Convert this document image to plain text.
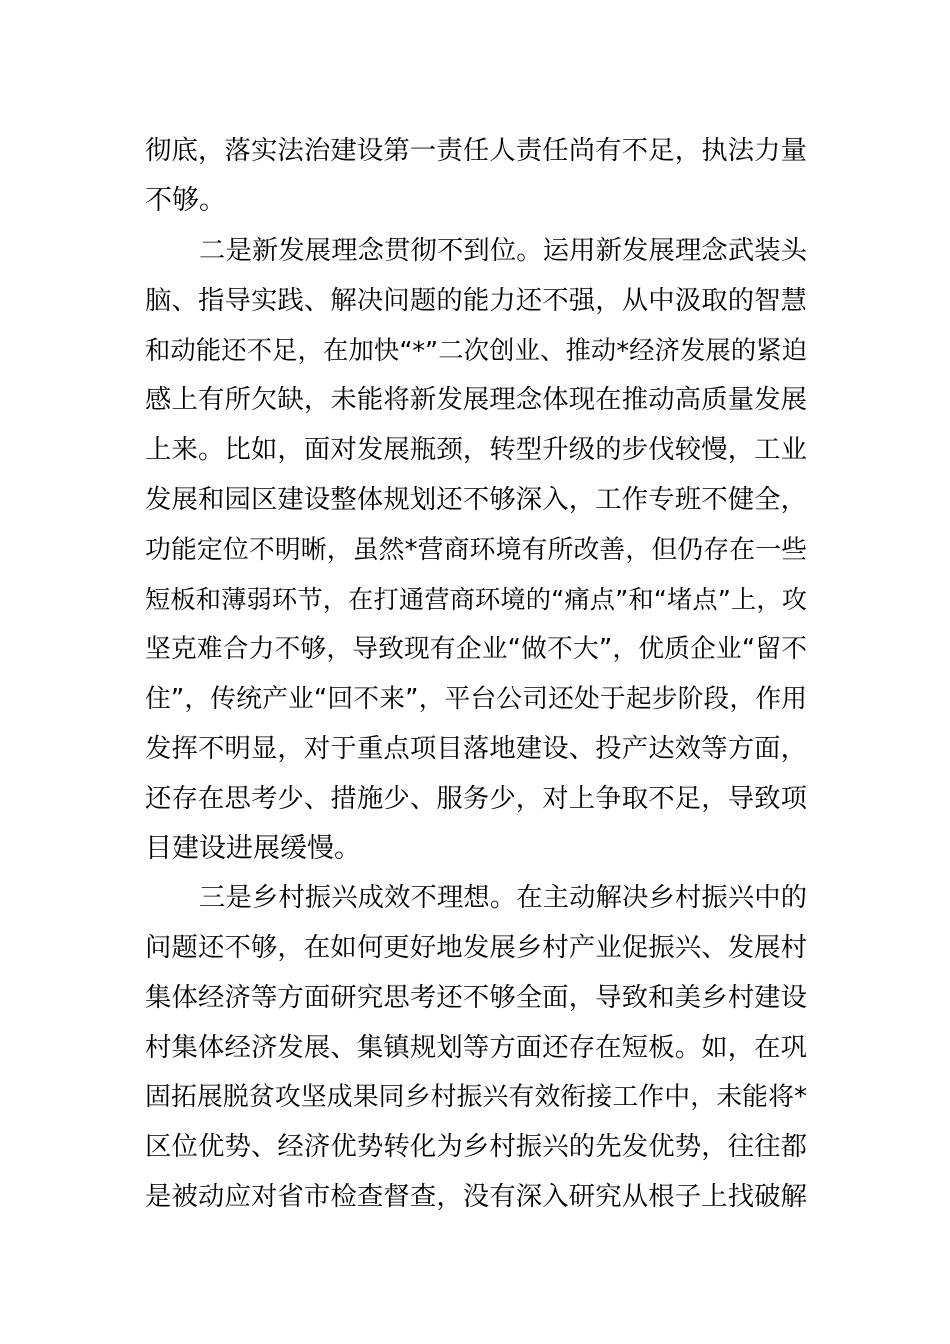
彻底，落实法治建设第一责任人责任尚有不足，执法力量
不够。
二是新发展理念贯彻不到位。运用新发展理念武装头
脑、指导实践、解决问题的能力还不强，从中汲取的智慧
和动能还不足，在加快“*”二次创业、推动*经济发展的紧迫
感上有所欠缺，未能将新发展理念体现在推动高质量发展
上来。比如，面对发展瓶颈，转型升级的步伐较慢，工业
发展和园区建设整体规划还不够深入，工作专班不健全，
功能定位不明晰，虽然*营商环境有所改善，但仍存在一些
短板和薄弱环节，在打通营商环境的“痛点”和“堵点”上，攻
坚克难合力不够，导致现有企业“做不大”，优质企业“留不
住”，传统产业“回不来”，平台公司还处于起步阶段，作用
发挥不明显，对于重点项目落地建设、投产达效等方面，
还存在思考少、措施少、服务少，对上争取不足，导致项
目建设进展缓慢。
三是乡村振兴成效不理想。在主动解决乡村振兴中的
问题还不够，在如何更好地发展乡村产业促振兴、发展村
集体经济等方面研究思考还不够全面，导致和美乡村建设
村集体经济发展、集镇规划等方面还存在短板。如，在巩
固拓展脱贫攻坚成果同乡村振兴有效衔接工作中，未能将*
区位优势、经济优势转化为乡村振兴的先发优势，往往都
是被动应对省市检查督查，没有深入研究从根子上找破解
